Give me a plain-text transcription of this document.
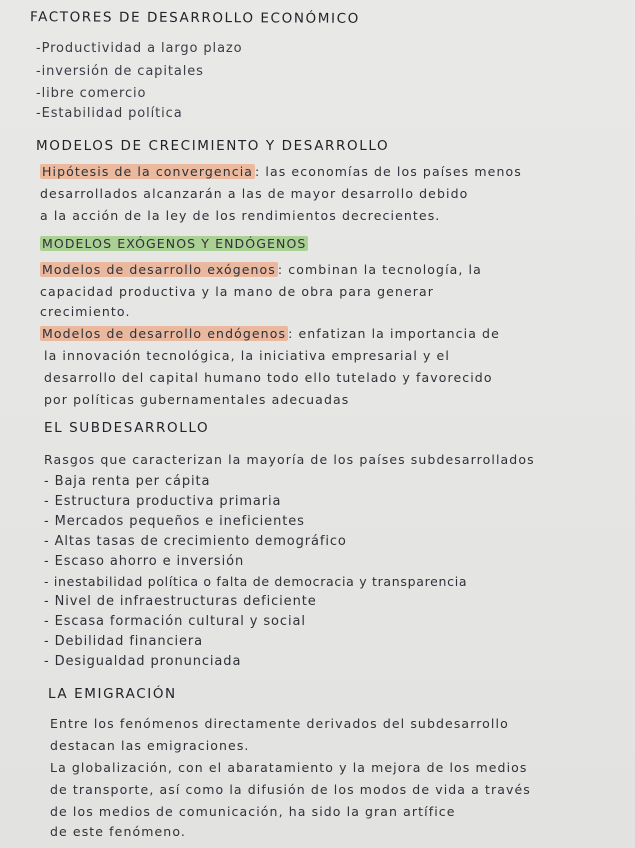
FACTORES DE DESARROLLO ECONÓMICO
-Productividad a largo plazo
-inversión de capitales
-libre comercio
-Estabilidad política
MODELOS DE CRECIMIENTO Y DESARROLLO
Hipótesis de la convergencia : las economías de los países menos
desarrollados alcanzarán a las de mayor desarrollo debido
a la acción de la ley de los rendimientos decrecientes.
MODELOS EXÓGENOS Y ENDÓGENOS
Modelos de desarrollo exógenos : combinan la tecnología, la
capacidad productiva y la mano de obra para generar
crecimiento.
Modelos de desarrollo endógenos : enfatizan la importancia de
la innovación tecnológica, la iniciativa empresarial y el
desarrollo del capital humano todo ello tutelado y favorecido
por políticas gubernamentales adecuadas
EL SUBDESARROLLO
Rasgos que caracterizan la mayoría de los países subdesarrollados
- Baja renta per cápita
- Estructura productiva primaria
- Mercados pequeños e ineficientes
- Altas tasas de crecimiento demográfico
- Escaso ahorro e inversión
- inestabilidad política o falta de democracia y transparencia
- Nivel de infraestructuras deficiente
- Escasa formación cultural y social
- Debilidad financiera
- Desigualdad pronunciada
LA EMIGRACIÓN
Entre los fenómenos directamente derivados del subdesarrollo
destacan las emigraciones.
La globalización, con el abaratamiento y la mejora de los medios
de transporte, así como la difusión de los modos de vida a través
de los medios de comunicación, ha sido la gran artífice
de este fenómeno.
